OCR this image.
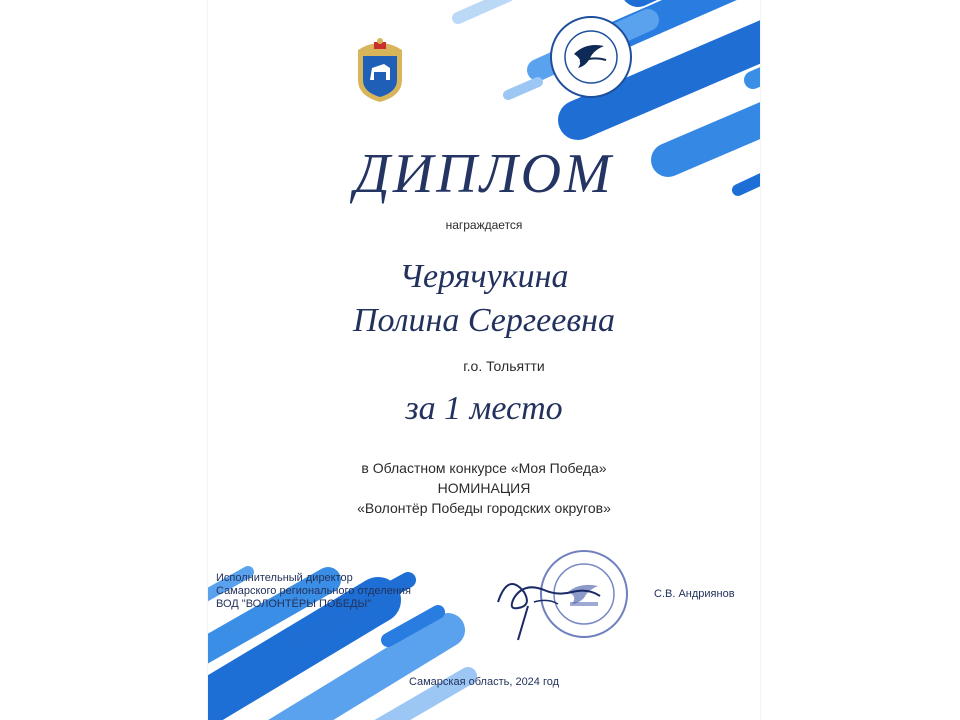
ДИПЛОМ
награждается
Черячукина
Полина Сергеевна
г.о. Тольятти
за 1 место
в Областном конкурсе «Моя Победа»
НОМИНАЦИЯ
«Волонтёр Победы городских округов»
Исполнительный директор
Самарского регионального отделения
ВОД "ВОЛОНТЁРЫ ПОБЕДЫ"
С.В. Андриянов
Самарская область, 2024 год
